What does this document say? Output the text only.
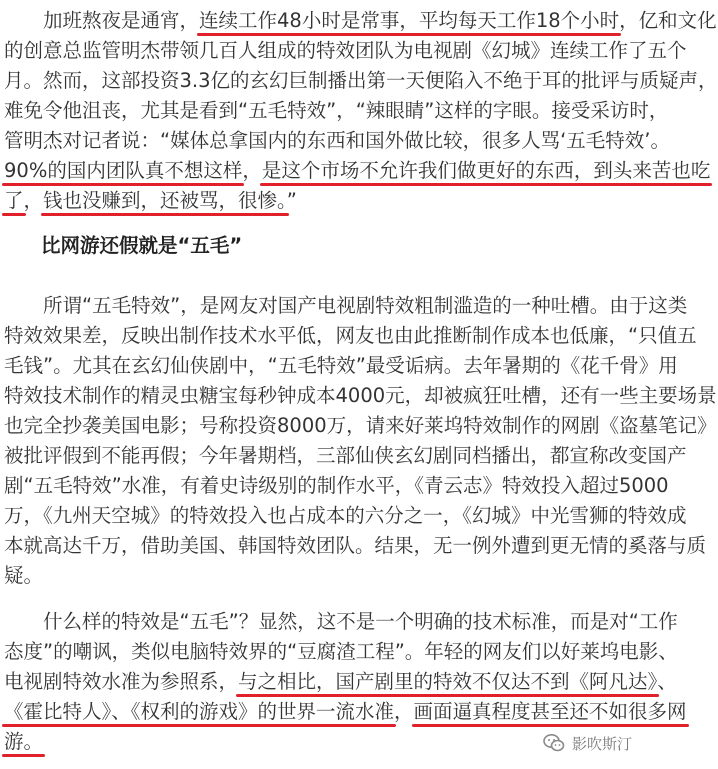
　　加班熬夜是通宵，连续工作48小时是常事，平均每天工作18个小时，亿和文化
的创意总监管明杰带领几百人组成的特效团队为电视剧《幻城》连续工作了五个
月。然而，这部投资3.3亿的玄幻巨制播出第一天便陷入不绝于耳的批评与质疑声，
难免令他沮丧，尤其是看到“五毛特效”，“辣眼睛”这样的字眼。接受采访时，
管明杰对记者说：“媒体总拿国内的东西和国外做比较，很多人骂‘五毛特效’。
90%的国内团队真不想这样，是这个市场不允许我们做更好的东西，到头来苦也吃
了，钱也没赚到，还被骂，很惨。”
比网游还假就是“五毛”
　　所谓“五毛特效”，是网友对国产电视剧特效粗制滥造的一种吐槽。由于这类
特效效果差，反映出制作技术水平低，网友也由此推断制作成本也低廉，“只值五
毛钱”。尤其在玄幻仙侠剧中，“五毛特效”最受诟病。去年暑期的《花千骨》用
特效技术制作的精灵虫糖宝每秒钟成本4000元，却被疯狂吐槽，还有一些主要场景
也完全抄袭美国电影；号称投资8000万，请来好莱坞特效制作的网剧《盗墓笔记》
被批评假到不能再假；今年暑期档，三部仙侠玄幻剧同档播出，都宣称改变国产
剧“五毛特效”水准，有着史诗级别的制作水平，《青云志》特效投入超过5000
万，《九州天空城》的特效投入也占成本的六分之一，《幻城》中光雪狮的特效成
本就高达千万，借助美国、韩国特效团队。结果，无一例外遭到更无情的奚落与质
疑。
　　什么样的特效是“五毛”？显然，这不是一个明确的技术标准，而是对“工作
态度”的嘲讽，类似电脑特效界的“豆腐渣工程”。年轻的网友们以好莱坞电影、
电视剧特效水准为参照系，与之相比，国产剧里的特效不仅达不到《阿凡达》、
《霍比特人》、《权利的游戏》的世界一流水准，画面逼真程度甚至还不如很多网
游。	影吹斯汀
